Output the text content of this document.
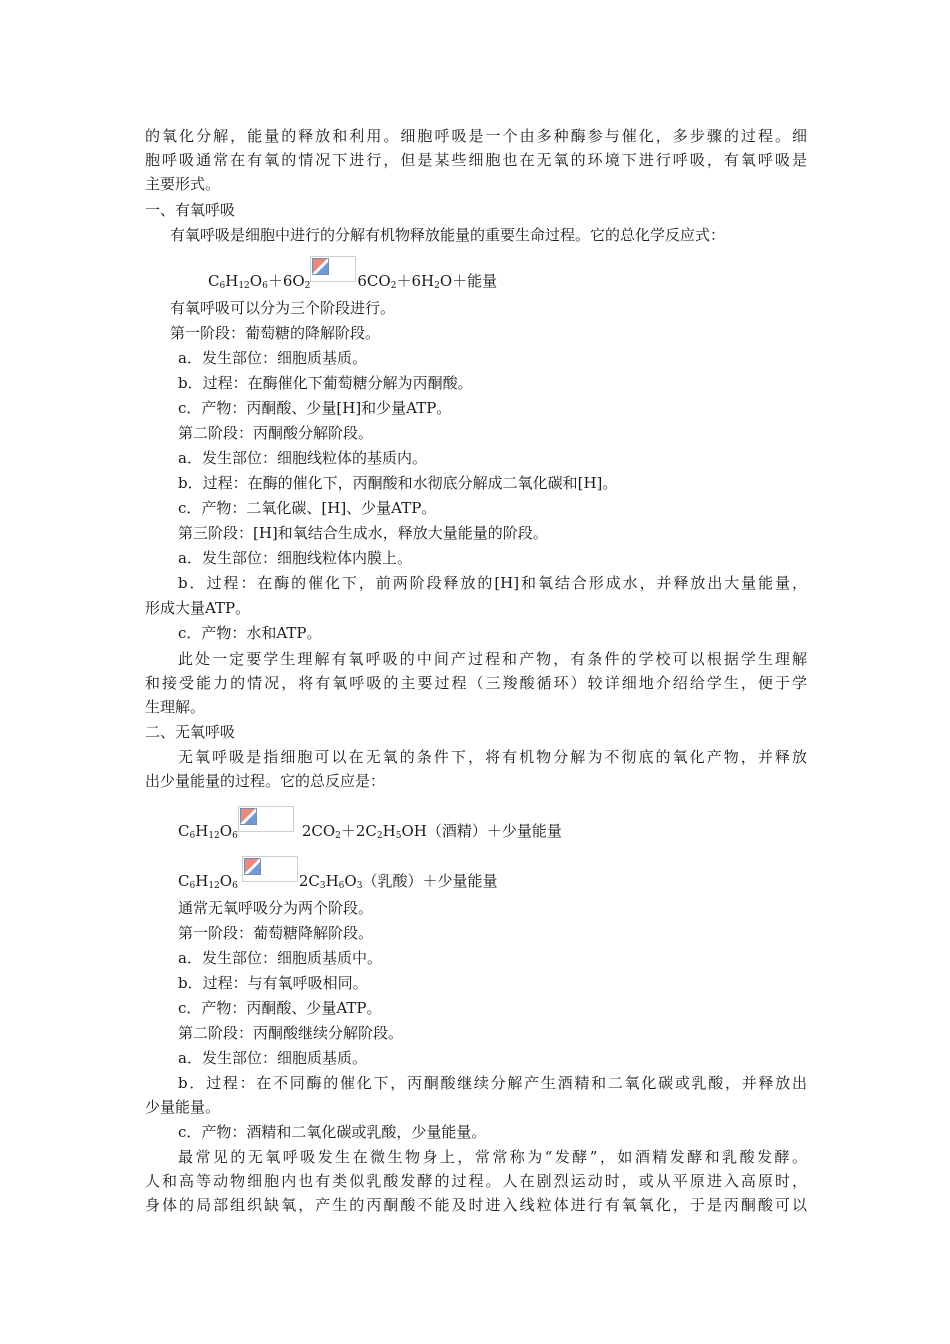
的氧化分解，能量的释放和利用。细胞呼吸是一个由多种酶参与催化，多步骤的过程。细
胞呼吸通常在有氧的情况下进行，但是某些细胞也在无氧的环境下进行呼吸，有氧呼吸是
主要形式。
一、有氧呼吸
有氧呼吸是细胞中进行的分解有机物释放能量的重要生命过程。它的总化学反应式：
$C_6H_{12}O_6+6O_2$	$6CO_2+6H_2O+$能量
有氧呼吸可以分为三个阶段进行。
第一阶段：葡萄糖的降解阶段。
a．发生部位：细胞质基质。
b．过程：在酶催化下葡萄糖分解为丙酮酸。
c．产物：丙酮酸、少量[H]和少量ATP。
第二阶段：丙酮酸分解阶段。
a．发生部位：细胞线粒体的基质内。
b．过程：在酶的催化下，丙酮酸和水彻底分解成二氧化碳和[H]。
c．产物：二氧化碳、[H]、少量ATP。
第三阶段：[H]和氧结合生成水，释放大量能量的阶段。
a．发生部位：细胞线粒体内膜上。
b．过程：在酶的催化下，前两阶段释放的[H]和氧结合形成水，并释放出大量能量，
形成大量ATP。
c．产物：水和ATP。
此处一定要学生理解有氧呼吸的中间产过程和产物，有条件的学校可以根据学生理解
和接受能力的情况，将有氧呼吸的主要过程（三羧酸循环）较详细地介绍给学生，便于学
生理解。
二、无氧呼吸
无氧呼吸是指细胞可以在无氧的条件下，将有机物分解为不彻底的氧化产物，并释放
出少量能量的过程。它的总反应是：
$C_6H_{12}O_6$	$2CO_2+2C_2H_5OH$（酒精）＋少量能量
$C_6H_{12}O_6$	$2C_3H_6O_3$（乳酸）＋少量能量
通常无氧呼吸分为两个阶段。
第一阶段：葡萄糖降解阶段。
a．发生部位：细胞质基质中。
b．过程：与有氧呼吸相同。
c．产物：丙酮酸、少量ATP。
第二阶段：丙酮酸继续分解阶段。
a．发生部位：细胞质基质。
b．过程：在不同酶的催化下，丙酮酸继续分解产生酒精和二氧化碳或乳酸，并释放出
少量能量。
c．产物：酒精和二氧化碳或乳酸，少量能量。
最常见的无氧呼吸发生在微生物身上，常常称为“发酵”，如酒精发酵和乳酸发酵。
人和高等动物细胞内也有类似乳酸发酵的过程。人在剧烈运动时，或从平原进入高原时，
身体的局部组织缺氧，产生的丙酮酸不能及时进入线粒体进行有氧氧化，于是丙酮酸可以
